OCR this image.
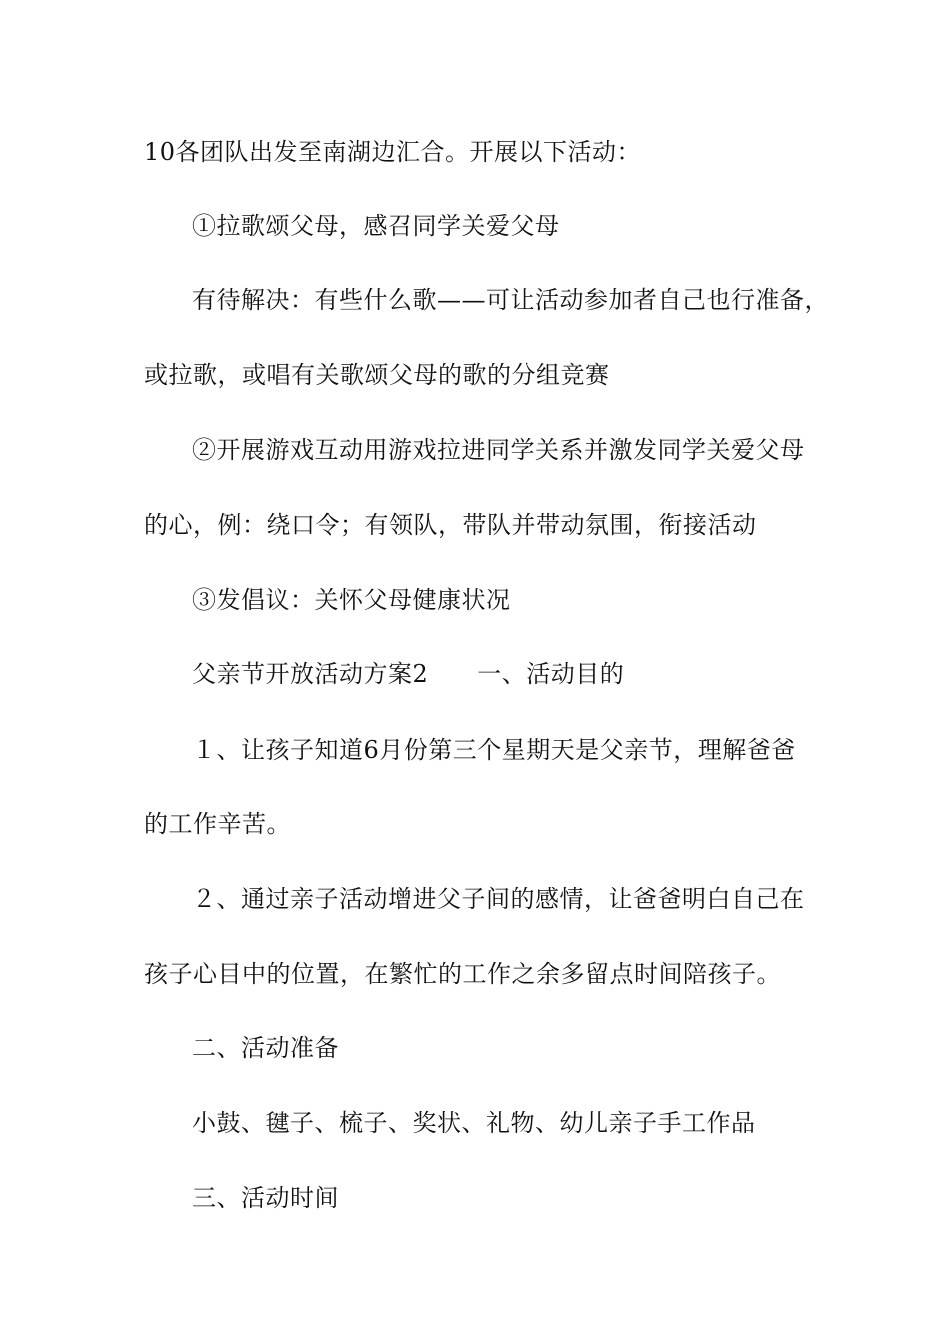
10各团队出发至南湖边汇合。开展以下活动：
①拉歌颂父母，感召同学关爱父母
有待解决：有些什么歌——可让活动参加者自己也行准备，
或拉歌，或唱有关歌颂父母的歌的分组竞赛
②开展游戏互动用游戏拉进同学关系并激发同学关爱父母
的心，例：绕口令；有领队，带队并带动氛围，衔接活动
③发倡议：关怀父母健康状况
父亲节开放活动方案2　　一、活动目的
１、让孩子知道6月份第三个星期天是父亲节，理解爸爸
的工作辛苦。
２、通过亲子活动增进父子间的感情，让爸爸明白自己在
孩子心目中的位置，在繁忙的工作之余多留点时间陪孩子。
二、活动准备
小鼓、毽子、梳子、奖状、礼物、幼儿亲子手工作品
三、活动时间
